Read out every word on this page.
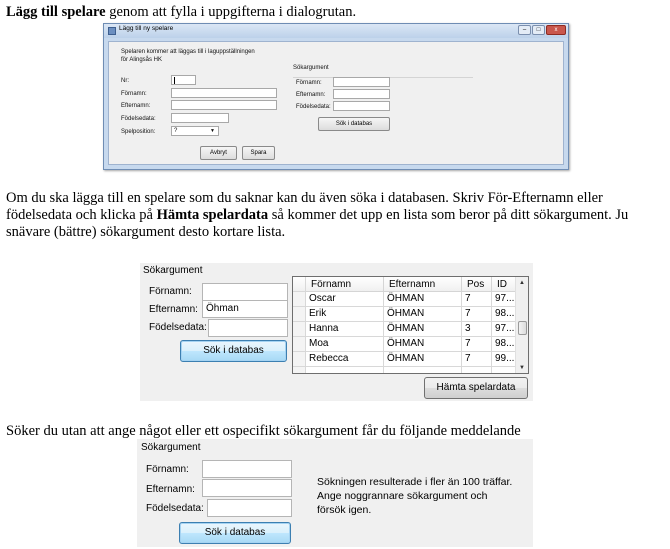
Lägg till spelare genom att fylla i uppgifterna i dialogrutan.

Lägg till ny spelare	–	□	x
Spelaren kommer att läggas till i laguppställningen
för Alingsås HK
Nr:
Förnamn:
Efternamn:
Födelsedata:
Spelposition:	?	▼
Sökargument
Förnamn:
Efternamn:
Födelsedata:
Sök i databas
Avbryt	Spara

Om du ska lägga till en spelare som du saknar kan du även söka i databasen. Skriv För-Efternamn eller födelsedata och klicka på Hämta spelardata så kommer det upp en lista som beror på ditt sökargument. Ju snävare (bättre) sökargument desto kortare lista.

Sökargument
Förnamn:
Efternamn: Öhman
Födelsedata:
Sök i databas
Förnamn	Efternamn	Pos	ID
Oscar	ÖHMAN	7	97...
Erik	ÖHMAN	7	98...
Hanna	ÖHMAN	3	97...
Moa	ÖHMAN	7	98...
Rebecca	ÖHMAN	7	99...
▲
▼
Hämta spelardata

Söker du utan att ange något eller ett ospecifikt sökargument får du följande meddelande

Sökargument
Förnamn:
Efternamn:
Födelsedata:
Sök i databas
Sökningen resulterade i fler än 100 träffar.
Ange noggrannare sökargument och
försök igen.
